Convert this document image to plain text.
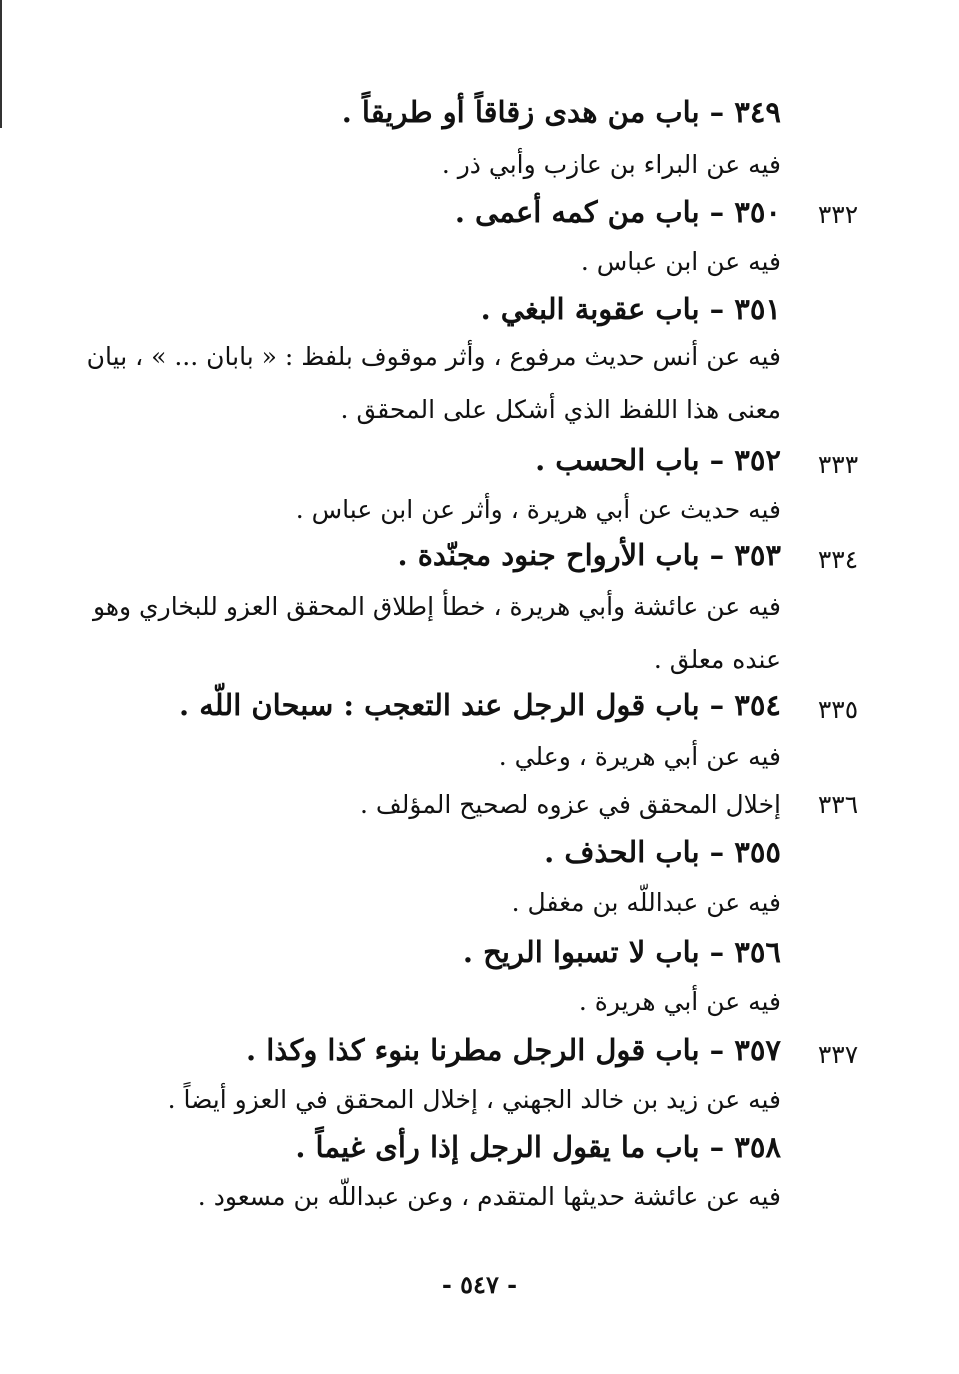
٣٤٩ – باب من هدى زقاقاً أو طريقاً .
فيه عن البراء بن عازب وأبي ذر .
٣٥٠ – باب من كمه أعمى .	٣٣٢
فيه عن ابن عباس .
٣٥١ – باب عقوبة البغي .
فيه عن أنس حديث مرفوع ، وأثر موقوف بلفظ : « بابان ... » ، بيان
معنى هذا اللفظ الذي أشكل على المحقق .
٣٥٢ – باب الحسب .	٣٣٣
فيه حديث عن أبي هريرة ، وأثر عن ابن عباس .
٣٥٣ – باب الأرواح جنود مجنّدة .	٣٣٤
فيه عن عائشة وأبي هريرة ، خطأ إطلاق المحقق العزو للبخاري وهو
عنده معلق .
٣٥٤ – باب قول الرجل عند التعجب : سبحان اللّه .	٣٣٥
فيه عن أبي هريرة ، وعلي .
إخلال المحقق في عزوه لصحيح المؤلف .	٣٣٦
٣٥٥ – باب الحذف .
فيه عن عبداللّه بن مغفل .
٣٥٦ – باب لا تسبوا الريح .
فيه عن أبي هريرة .
٣٥٧ – باب قول الرجل مطرنا بنوء كذا وكذا .	٣٣٧
فيه عن زيد بن خالد الجهني ، إخلال المحقق في العزو أيضاً .
٣٥٨ – باب ما يقول الرجل إذا رأى غيماً .
فيه عن عائشة حديثها المتقدم ، وعن عبداللّه بن مسعود .
- ٥٤٧ -
